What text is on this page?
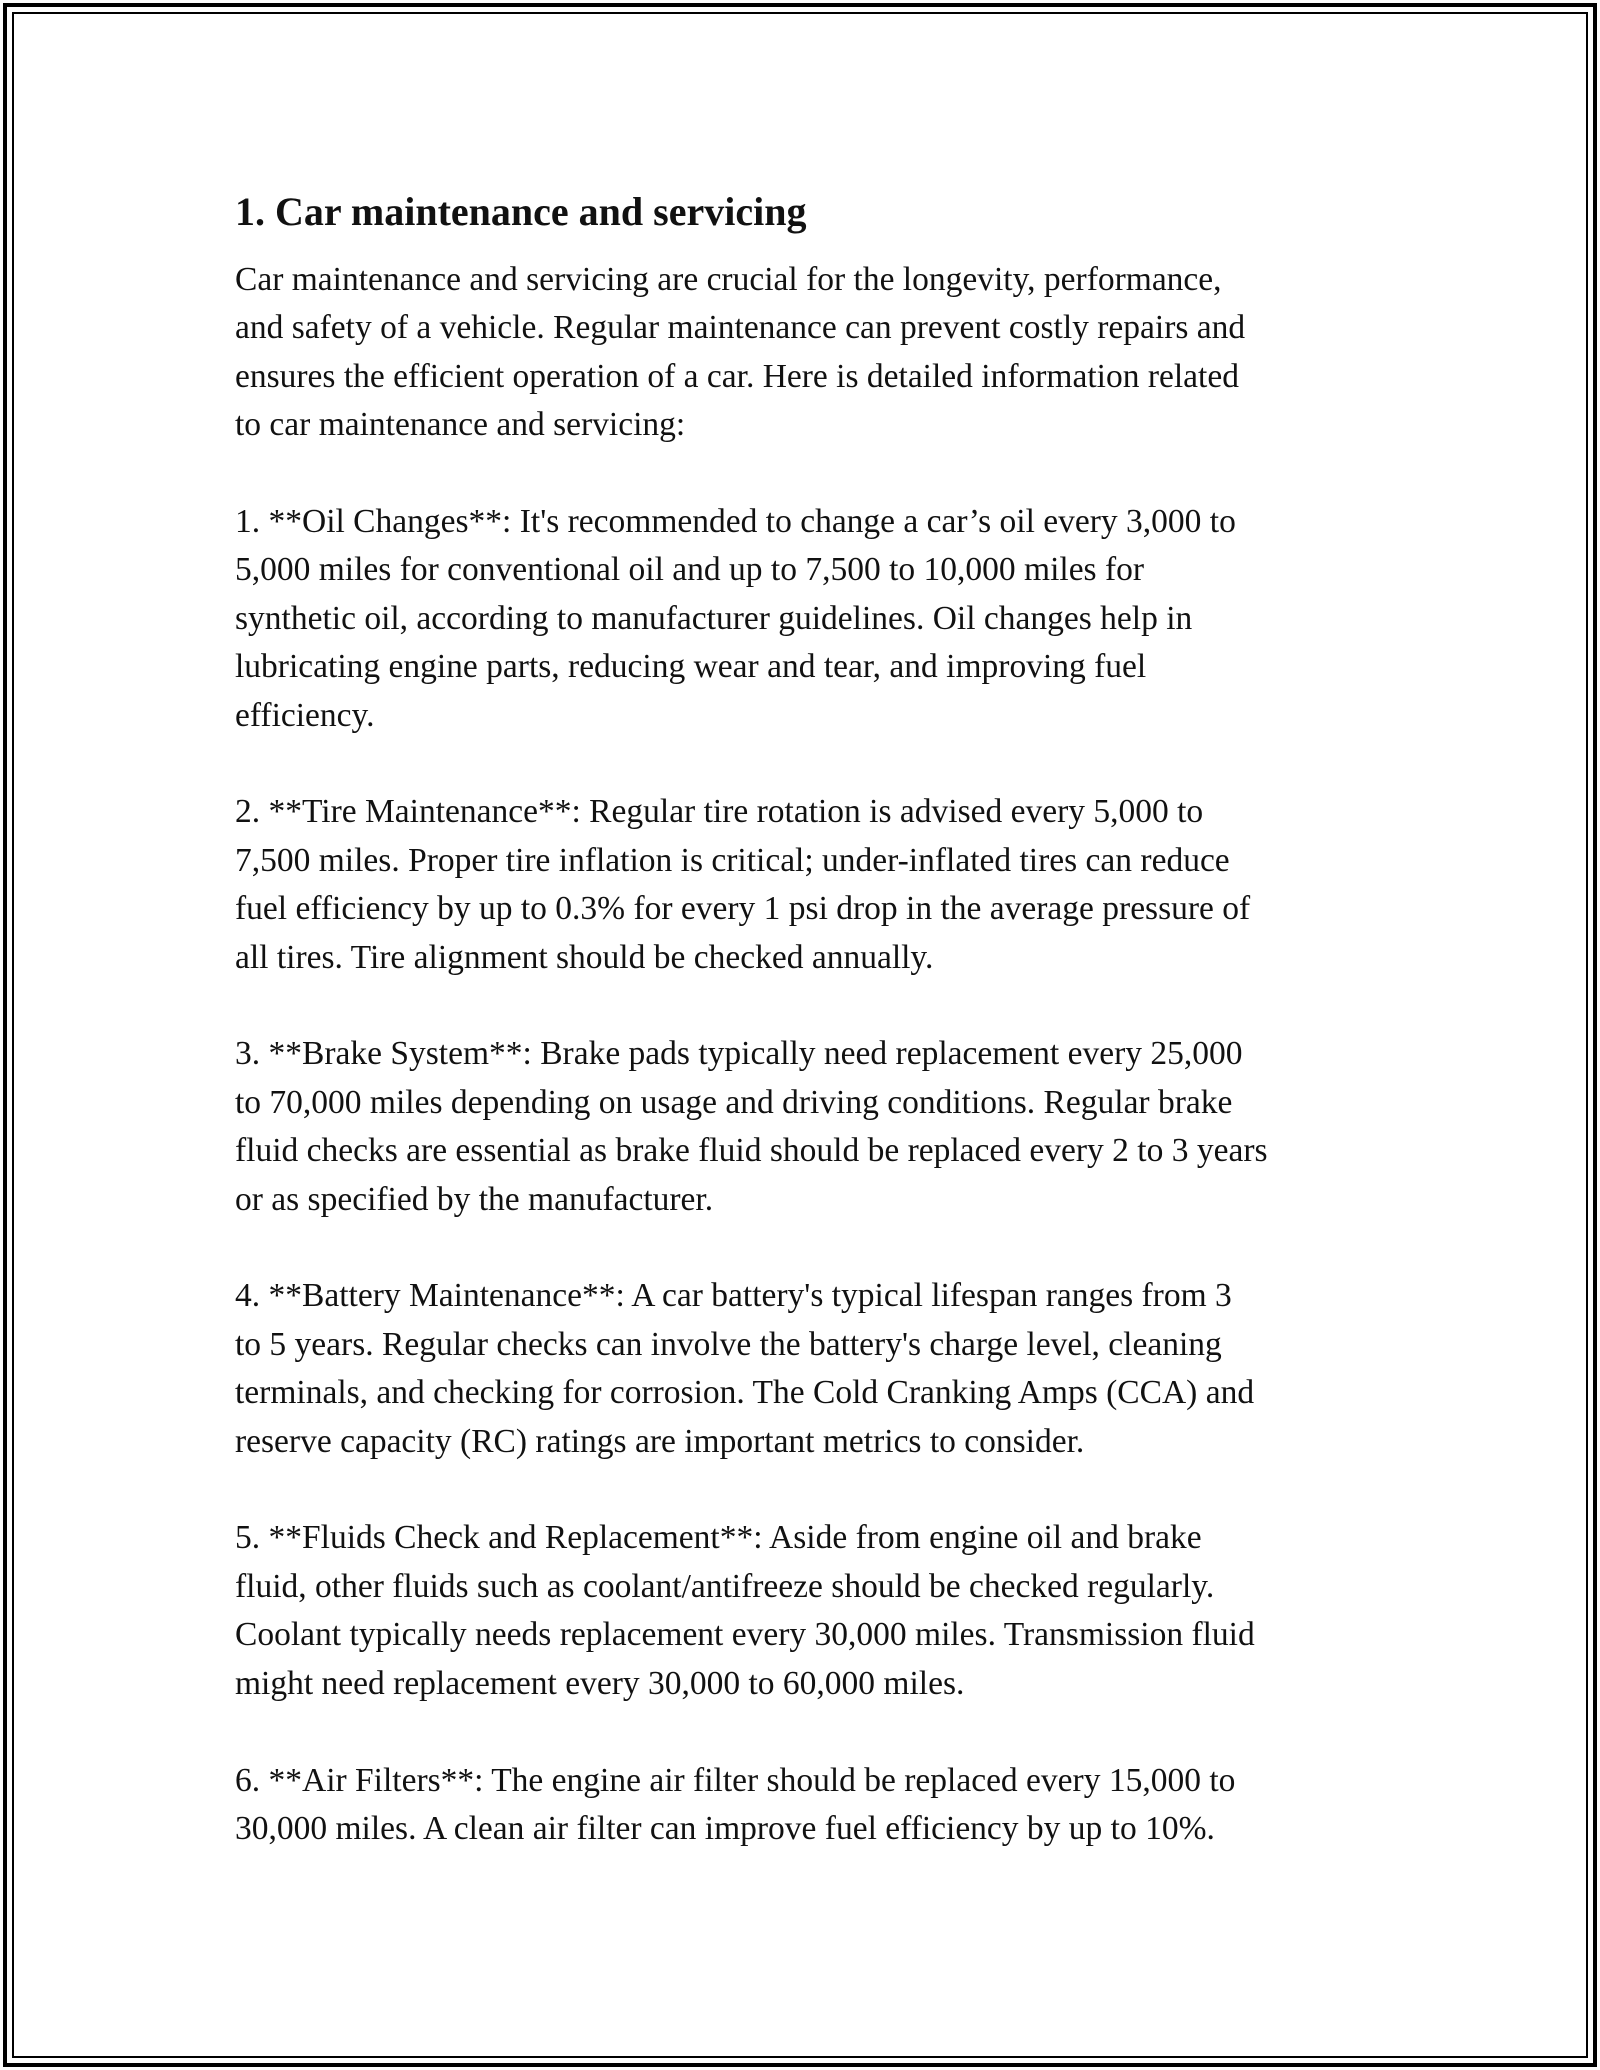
1. Car maintenance and servicing

Car maintenance and servicing are crucial for the longevity, performance,
and safety of a vehicle. Regular maintenance can prevent costly repairs and
ensures the efficient operation of a car. Here is detailed information related
to car maintenance and servicing:

1. **Oil Changes**: It's recommended to change a car’s oil every 3,000 to
5,000 miles for conventional oil and up to 7,500 to 10,000 miles for
synthetic oil, according to manufacturer guidelines. Oil changes help in
lubricating engine parts, reducing wear and tear, and improving fuel
efficiency.

2. **Tire Maintenance**: Regular tire rotation is advised every 5,000 to
7,500 miles. Proper tire inflation is critical; under-inflated tires can reduce
fuel efficiency by up to 0.3% for every 1 psi drop in the average pressure of
all tires. Tire alignment should be checked annually.

3. **Brake System**: Brake pads typically need replacement every 25,000
to 70,000 miles depending on usage and driving conditions. Regular brake
fluid checks are essential as brake fluid should be replaced every 2 to 3 years
or as specified by the manufacturer.

4. **Battery Maintenance**: A car battery's typical lifespan ranges from 3
to 5 years. Regular checks can involve the battery's charge level, cleaning
terminals, and checking for corrosion. The Cold Cranking Amps (CCA) and
reserve capacity (RC) ratings are important metrics to consider.

5. **Fluids Check and Replacement**: Aside from engine oil and brake
fluid, other fluids such as coolant/antifreeze should be checked regularly.
Coolant typically needs replacement every 30,000 miles. Transmission fluid
might need replacement every 30,000 to 60,000 miles.

6. **Air Filters**: The engine air filter should be replaced every 15,000 to
30,000 miles. A clean air filter can improve fuel efficiency by up to 10%.
